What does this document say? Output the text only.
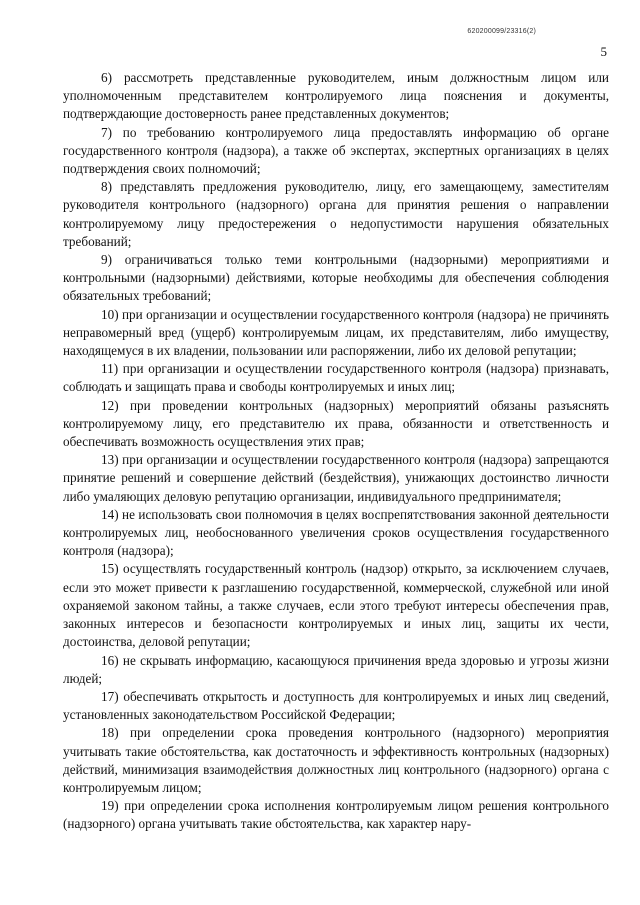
620200099/23316(2)
5

6) рассмотреть представленные руководителем, иным должностным лицом или уполномоченным представителем контролируемого лица пояснения и документы, подтверждающие достоверность ранее представленных документов;

7) по требованию контролируемого лица предоставлять информацию об органе государственного контроля (надзора), а также об экспертах, экспертных организациях в целях подтверждения своих полномочий;

8) представлять предложения руководителю, лицу, его замещающему, заместителям руководителя контрольного (надзорного) органа для принятия решения о направлении контролируемому лицу предостережения о недопустимости нарушения обязательных требований;

9) ограничиваться только теми контрольными (надзорными) мероприятиями и контрольными (надзорными) действиями, которые необходимы для обеспечения соблюдения обязательных требований;

10) при организации и осуществлении государственного контроля (надзора) не причинять неправомерный вред (ущерб) контролируемым лицам, их представителям, либо имуществу, находящемуся в их владении, пользовании или распоряжении, либо их деловой репутации;

11) при организации и осуществлении государственного контроля (надзора) признавать, соблюдать и защищать права и свободы контролируемых и иных лиц;

12) при проведении контрольных (надзорных) мероприятий обязаны разъяснять контролируемому лицу, его представителю их права, обязанности и ответственность и обеспечивать возможность осуществления этих прав;

13) при организации и осуществлении государственного контроля (надзора) запрещаются принятие решений и совершение действий (бездействия), унижающих достоинство личности либо умаляющих деловую репутацию организации, индивидуального предпринимателя;

14) не использовать свои полномочия в целях воспрепятствования законной деятельности контролируемых лиц, необоснованного увеличения сроков осуществления государственного контроля (надзора);

15) осуществлять государственный контроль (надзор) открыто, за исключением случаев, если это может привести к разглашению государственной, коммерческой, служебной или иной охраняемой законом тайны, а также случаев, если этого требуют интересы обеспечения прав, законных интересов и безопасности контролируемых и иных лиц, защиты их чести, достоинства, деловой репутации;

16) не скрывать информацию, касающуюся причинения вреда здоровью и угрозы жизни людей;

17) обеспечивать открытость и доступность для контролируемых и иных лиц сведений, установленных законодательством Российской Федерации;

18) при определении срока проведения контрольного (надзорного) мероприятия учитывать такие обстоятельства, как достаточность и эффективность контрольных (надзорных) действий, минимизация взаимодействия должностных лиц контрольного (надзорного) органа с контролируемым лицом;

19) при определении срока исполнения контролируемым лицом решения контрольного (надзорного) органа учитывать такие обстоятельства, как характер нару-
